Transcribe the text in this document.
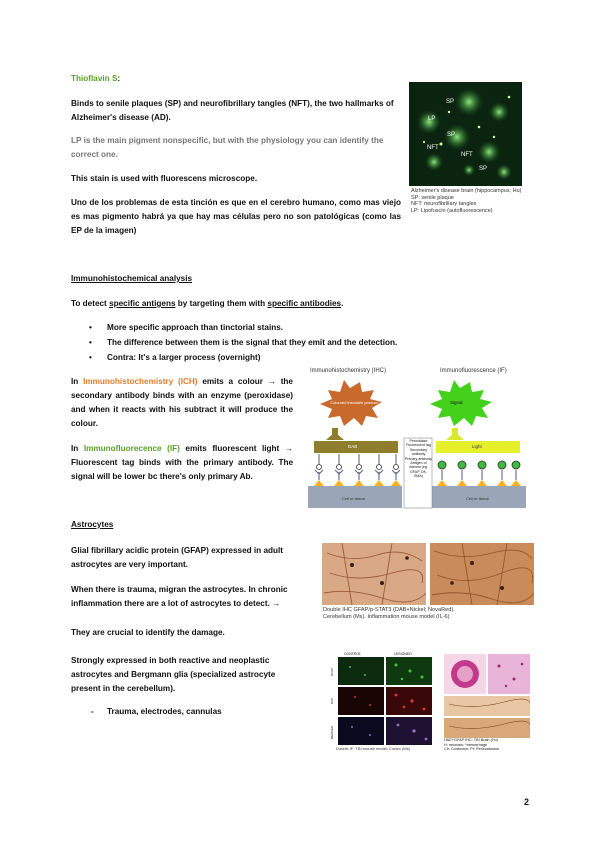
Thioflavin S:
Binds to senile plaques (SP) and neurofibrillary tangles (NFT), the two hallmarks of Alzheimer's disease (AD).
LP is the main pigment nonspecific, but with the physiology you can identify the correct one.
This stain is used with fluorescens microscope.
Uno de los problemas de esta tinción es que en el cerebro humano, como mas viejo es mas pigmento habrá ya que hay mas células pero no son patológicas (como las EP de la imagen)
SP
LP
SP
NFT
NFT
SP
Alzheimer's disease brain (hippocampus; Hu)
SP: senile plaque
NFT: neurofibrillary tangles
LP: Lipofuscin (autofluorescence)
Immunohistochemical analysis
To detect specific antigens by targeting them with specific antibodies.
• More specific approach than tinctorial stains.
• The difference between them is the signal that they emit and the detection.
• Contra: It's a larger process (overnight)
In Immunohistochemistry (ICH) emits a colour → the secondary antibody binds with an enzyme (peroxidase) and when it reacts with his subtract it will produce the colour.
In Immunofluorecence (IF) emits fluorescent light → Fluorescent tag binds with the primary antibody. The signal will be lower bc there's only primary Ab.
Immunohistochemistry (IHC)	Immunofluorescence (IF)
Coloured insoluble product	Signal
DAB	Light
Peroxidase
Fluorescent tag
Secondary antibody
Primary antibody
Antigen of interest (eg. GFAP, DK, SMA)
Cell or tissue	Cell or tissue
Astrocytes
Glial fibrillary acidic protein (GFAP) expressed in adult astrocytes are very important.
When there is trauma, migran the astrocytes. In chronic inflammation there are a lot of astrocytes to detect. →
They are crucial to identify the damage.
Strongly expressed in both reactive and neoplastic astrocytes and Bergmann glia (specialized astrocyte present in the cerebellum).
- Trauma, electrodes, cannulas
Double IHC GFAP/p-STAT3 (DAB+Nickel; NovaRed).
Cerebellum (Ms). Inflammation mouse model (IL-6)
CONTROL	LESIONED
GFAP
DAP
MERGED
Double IF: TBI mouse model. Cortex (Ms)
H&E+GFAP IHC: TBI Brain (Hu)
H: necrosis; *hemorrhage
Cir: Contusion; Pr: Pericontusion
2
